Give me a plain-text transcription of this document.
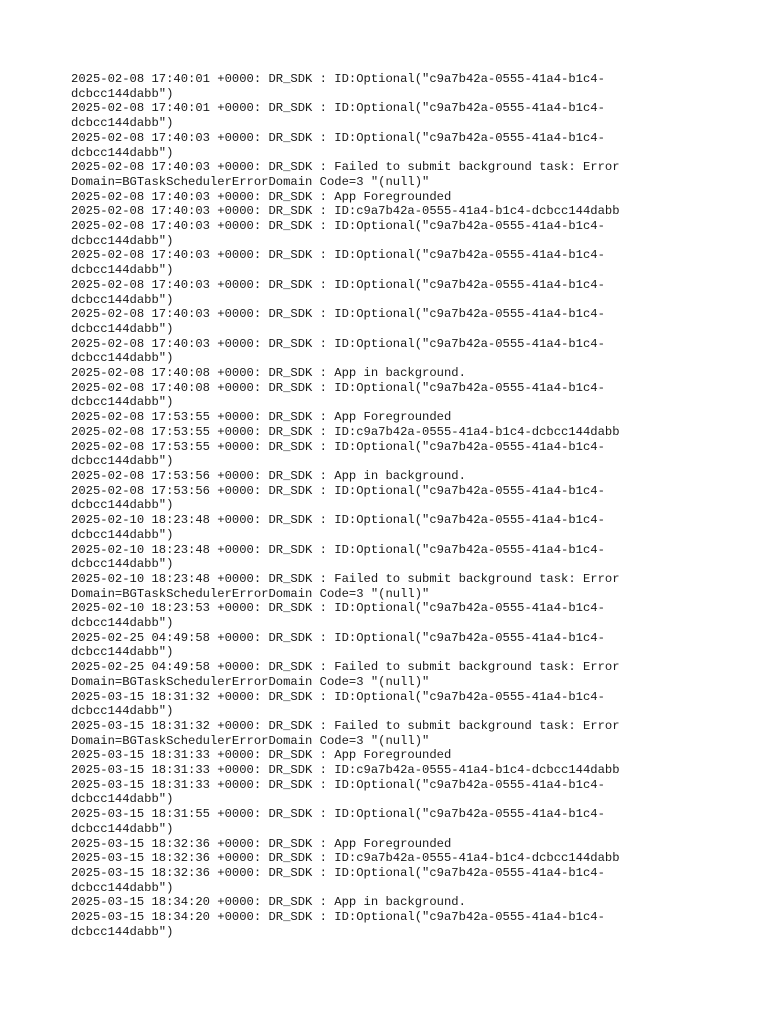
2025-02-08 17:40:01 +0000: DR_SDK : ID:Optional("c9a7b42a-0555-41a4-b1c4-
dcbcc144dabb")
2025-02-08 17:40:01 +0000: DR_SDK : ID:Optional("c9a7b42a-0555-41a4-b1c4-
dcbcc144dabb")
2025-02-08 17:40:03 +0000: DR_SDK : ID:Optional("c9a7b42a-0555-41a4-b1c4-
dcbcc144dabb")
2025-02-08 17:40:03 +0000: DR_SDK : Failed to submit background task: Error
Domain=BGTaskSchedulerErrorDomain Code=3 "(null)"
2025-02-08 17:40:03 +0000: DR_SDK : App Foregrounded
2025-02-08 17:40:03 +0000: DR_SDK : ID:c9a7b42a-0555-41a4-b1c4-dcbcc144dabb
2025-02-08 17:40:03 +0000: DR_SDK : ID:Optional("c9a7b42a-0555-41a4-b1c4-
dcbcc144dabb")
2025-02-08 17:40:03 +0000: DR_SDK : ID:Optional("c9a7b42a-0555-41a4-b1c4-
dcbcc144dabb")
2025-02-08 17:40:03 +0000: DR_SDK : ID:Optional("c9a7b42a-0555-41a4-b1c4-
dcbcc144dabb")
2025-02-08 17:40:03 +0000: DR_SDK : ID:Optional("c9a7b42a-0555-41a4-b1c4-
dcbcc144dabb")
2025-02-08 17:40:03 +0000: DR_SDK : ID:Optional("c9a7b42a-0555-41a4-b1c4-
dcbcc144dabb")
2025-02-08 17:40:08 +0000: DR_SDK : App in background.
2025-02-08 17:40:08 +0000: DR_SDK : ID:Optional("c9a7b42a-0555-41a4-b1c4-
dcbcc144dabb")
2025-02-08 17:53:55 +0000: DR_SDK : App Foregrounded
2025-02-08 17:53:55 +0000: DR_SDK : ID:c9a7b42a-0555-41a4-b1c4-dcbcc144dabb
2025-02-08 17:53:55 +0000: DR_SDK : ID:Optional("c9a7b42a-0555-41a4-b1c4-
dcbcc144dabb")
2025-02-08 17:53:56 +0000: DR_SDK : App in background.
2025-02-08 17:53:56 +0000: DR_SDK : ID:Optional("c9a7b42a-0555-41a4-b1c4-
dcbcc144dabb")
2025-02-10 18:23:48 +0000: DR_SDK : ID:Optional("c9a7b42a-0555-41a4-b1c4-
dcbcc144dabb")
2025-02-10 18:23:48 +0000: DR_SDK : ID:Optional("c9a7b42a-0555-41a4-b1c4-
dcbcc144dabb")
2025-02-10 18:23:48 +0000: DR_SDK : Failed to submit background task: Error
Domain=BGTaskSchedulerErrorDomain Code=3 "(null)"
2025-02-10 18:23:53 +0000: DR_SDK : ID:Optional("c9a7b42a-0555-41a4-b1c4-
dcbcc144dabb")
2025-02-25 04:49:58 +0000: DR_SDK : ID:Optional("c9a7b42a-0555-41a4-b1c4-
dcbcc144dabb")
2025-02-25 04:49:58 +0000: DR_SDK : Failed to submit background task: Error
Domain=BGTaskSchedulerErrorDomain Code=3 "(null)"
2025-03-15 18:31:32 +0000: DR_SDK : ID:Optional("c9a7b42a-0555-41a4-b1c4-
dcbcc144dabb")
2025-03-15 18:31:32 +0000: DR_SDK : Failed to submit background task: Error
Domain=BGTaskSchedulerErrorDomain Code=3 "(null)"
2025-03-15 18:31:33 +0000: DR_SDK : App Foregrounded
2025-03-15 18:31:33 +0000: DR_SDK : ID:c9a7b42a-0555-41a4-b1c4-dcbcc144dabb
2025-03-15 18:31:33 +0000: DR_SDK : ID:Optional("c9a7b42a-0555-41a4-b1c4-
dcbcc144dabb")
2025-03-15 18:31:55 +0000: DR_SDK : ID:Optional("c9a7b42a-0555-41a4-b1c4-
dcbcc144dabb")
2025-03-15 18:32:36 +0000: DR_SDK : App Foregrounded
2025-03-15 18:32:36 +0000: DR_SDK : ID:c9a7b42a-0555-41a4-b1c4-dcbcc144dabb
2025-03-15 18:32:36 +0000: DR_SDK : ID:Optional("c9a7b42a-0555-41a4-b1c4-
dcbcc144dabb")
2025-03-15 18:34:20 +0000: DR_SDK : App in background.
2025-03-15 18:34:20 +0000: DR_SDK : ID:Optional("c9a7b42a-0555-41a4-b1c4-
dcbcc144dabb")
